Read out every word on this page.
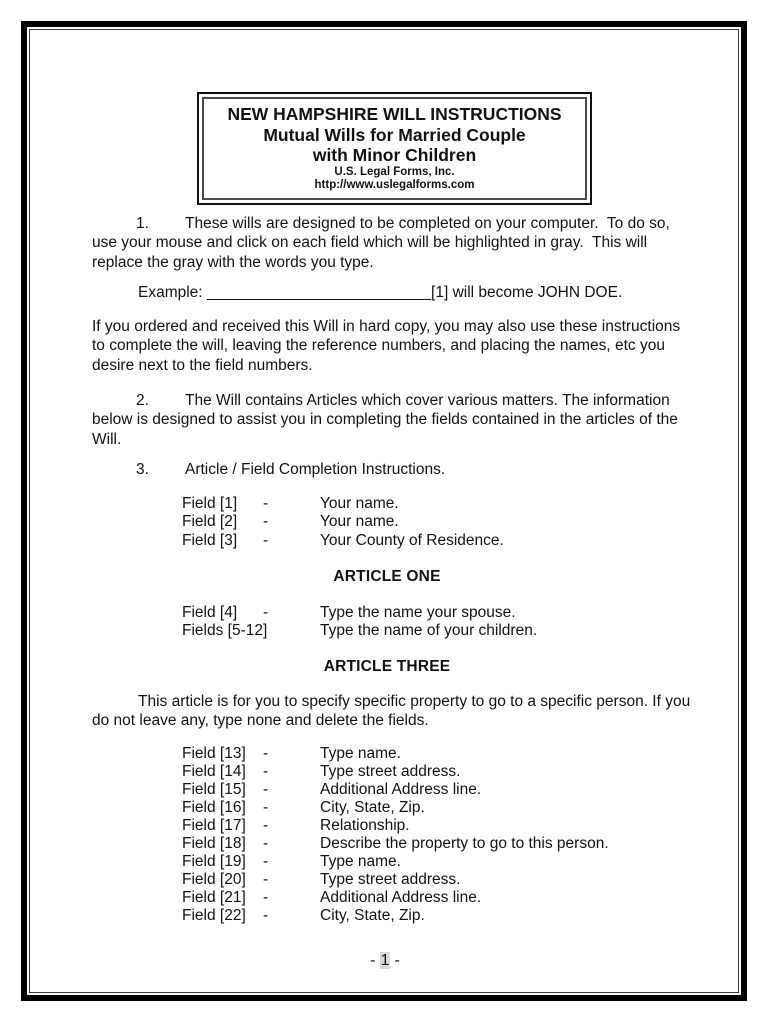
NEW HAMPSHIRE WILL INSTRUCTIONS
Mutual Wills for Married Couple
with Minor Children
U.S. Legal Forms, Inc.
http://www.uslegalforms.com
1. These wills are designed to be completed on your computer.  To do so,
use your mouse and click on each field which will be highlighted in gray.  This will
replace the gray with the words you type.
Example: __________________________[1] will become JOHN DOE.
If you ordered and received this Will in hard copy, you may also use these instructions
to complete the will, leaving the reference numbers, and placing the names, etc you
desire next to the field numbers.
2. The Will contains Articles which cover various matters. The information
below is designed to assist you in completing the fields contained in the articles of the
Will.
3. Article / Field Completion Instructions.
Field [1] -	Your name.
Field [2] -	Your name.
Field [3] -	Your County of Residence.
ARTICLE ONE
Field [4] -	Type the name your spouse.
Fields [5-12]	Type the name of your children.
ARTICLE THREE
This article is for you to specify specific property to go to a specific person. If you
do not leave any, type none and delete the fields.
Field [13] -	Type name.
Field [14] -	Type street address.
Field [15] -	Additional Address line.
Field [16] -	City, State, Zip.
Field [17] -	Relationship.
Field [18] -	Describe the property to go to this person.
Field [19] -	Type name.
Field [20] -	Type street address.
Field [21] -	Additional Address line.
Field [22] -	City, State, Zip.
- 1 -
